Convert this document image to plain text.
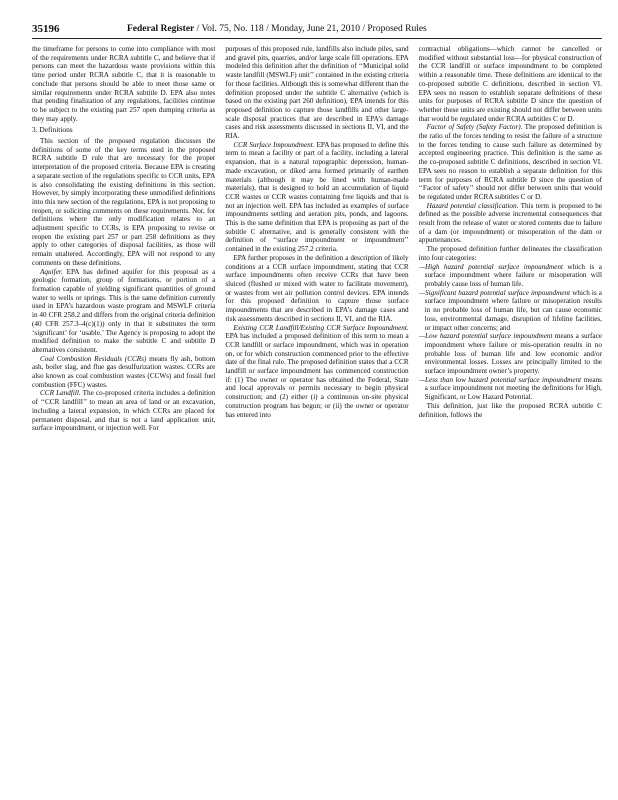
35196	Federal Register / Vol. 75, No. 118 / Monday, June 21, 2010 / Proposed Rules

the timeframe for persons to come into compliance with most of the requirements under RCRA subtitle C, and believe that if persons can meet the hazardous waste provisions within this time period under RCRA subtitle C, that it is reasonable to conclude that persons should be able to meet those same or similar requirements under RCRA subtitle D. EPA also notes that pending finalization of any regulations, facilities continue to be subject to the existing part 257 open dumping criteria as they may apply.

3. Definitions

This section of the proposed regulation discusses the definitions of some of the key terms used in the proposed RCRA subtitle D rule that are necessary for the proper interpretation of the proposed criteria. Because EPA is creating a separate section of the regulations specific to CCR units, EPA is also consolidating the existing definitions in this section. However, by simply incorporating these unmodified definitions into this new section of the regulations, EPA is not proposing to reopen, or soliciting comments on these requirements. Nor, for definitions where the only modification relates to an adjustment specific to CCRs, is EPA proposing to revise or reopen the existing part 257 or part 258 definitions as they apply to other categories of disposal facilities, as those will remain unaltered. Accordingly, EPA will not respond to any comments on these definitions.

Aquifer. EPA has defined aquifer for this proposal as a geologic formation, group of formations, or portion of a formation capable of yielding significant quantities of ground water to wells or springs. This is the same definition currently used in EPA’s hazardous waste program and MSWLF criteria in 40 CFR 258.2 and differs from the original criteria definition (40 CFR 257.3–4(c)(1)) only in that it substitutes the term ‘significant’ for ‘usable.’ The Agency is proposing to adopt the modified definition to make the subtitle C and subtitle D alternatives consistent.

Coal Combustion Residuals (CCRs) means fly ash, bottom ash, boiler slag, and flue gas desulfurization wastes. CCRs are also known as coal combustion wastes (CCWs) and fossil fuel combustion (FFC) wastes.

CCR Landfill. The co-proposed criteria includes a definition of ‘‘CCR landfill’’ to mean an area of land or an excavation, including a lateral expansion, in which CCRs are placed for permanent disposal, and that is not a land application unit, surface impoundment, or injection well. For

purposes of this proposed rule, landfills also include piles, sand and gravel pits, quarries, and/or large scale fill operations. EPA modeled this definition after the definition of ‘‘Municipal solid waste landfill (MSWLF) unit’’ contained in the existing criteria for those facilities. Although this is somewhat different than the definition proposed under the subtitle C alternative (which is based on the existing part 260 definition), EPA intends for this proposed definition to capture those landfills and other large-scale disposal practices that are described in EPA’s damage cases and risk assessments discussed in sections II, VI, and the RIA.

CCR Surface Impoundment. EPA has proposed to define this term to mean a facility or part of a facility, including a lateral expansion, that is a natural topographic depression, human-made excavation, or diked area formed primarily of earthen materials (although it may be lined with human-made materials), that is designed to hold an accumulation of liquid CCR wastes or CCR wastes containing free liquids and that is not an injection well. EPA has included as examples of surface impoundments settling and aeration pits, ponds, and lagoons. This is the same definition that EPA is proposing as part of the subtitle C alternative, and is generally consistent with the definition of ‘‘surface impoundment or impoundment’’ contained in the existing 257.2 criteria.

EPA further proposes in the definition a description of likely conditions at a CCR surface impoundment, stating that CCR surface impoundments often receive CCRs that have been sluiced (flushed or mixed with water to facilitate movement), or wastes from wet air pollution control devices. EPA intends for this proposed definition to capture those surface impoundments that are described in EPA’s damage cases and risk assessments described in sections II, VI, and the RIA.

Existing CCR Landfill/Existing CCR Surface Impoundment. EPA has included a proposed definition of this term to mean a CCR landfill or surface impoundment, which was in operation on, or for which construction commenced prior to the effective date of the final rule. The proposed definition states that a CCR landfill or surface impoundment has commenced construction if: (1) The owner or operator has obtained the Federal, State and local approvals or permits necessary to begin physical construction; and (2) either (i) a continuous on-site physical construction program has begun; or (ii) the owner or operator has entered into

contractual obligations—which cannot be cancelled or modified without substantial loss—for physical construction of the CCR landfill or surface impoundment to be completed within a reasonable time. These definitions are identical to the co-proposed subtitle C definitions, described in section VI. EPA sees no reason to establish separate definitions of these units for purposes of RCRA subtitle D since the question of whether these units are existing should not differ between units that would be regulated under RCRA subtitles C or D.

Factor of Safety (Safety Factor). The proposed definition is the ratio of the forces tending to resist the failure of a structure to the forces tending to cause such failure as determined by accepted engineering practice. This definition is the same as the co-proposed subtitle C definitions, described in section VI. EPA sees no reason to establish a separate definition for this term for purposes of RCRA subtitle D since the question of ‘‘Factor of safety’’ should not differ between units that would be regulated under RCRA subtitles C or D.

Hazard potential classification. This term is proposed to be defined as the possible adverse incremental consequences that result from the release of water or stored contents due to failure of a dam (or impoundment) or misoperation of the dam or appurtenances.

The proposed definition further delineates the classification into four categories:

—High hazard potential surface impoundment which is a surface impoundment where failure or misoperation will probably cause loss of human life.

—Significant hazard potential surface impoundment which is a surface impoundment where failure or misoperation results in no probable loss of human life, but can cause economic loss, environmental damage, disruption of lifeline facilities, or impact other concerns; and

—Low hazard potential surface impoundment means a surface impoundment where failure or mis-operation results in no probable loss of human life and low economic and/or environmental losses. Losses are principally limited to the surface impoundment owner’s property.

—Less than low hazard potential surface impoundment means a surface impoundment not meeting the definitions for High, Significant, or Low Hazard Potential.

This definition, just like the proposed RCRA subtitle C definition, follows the
